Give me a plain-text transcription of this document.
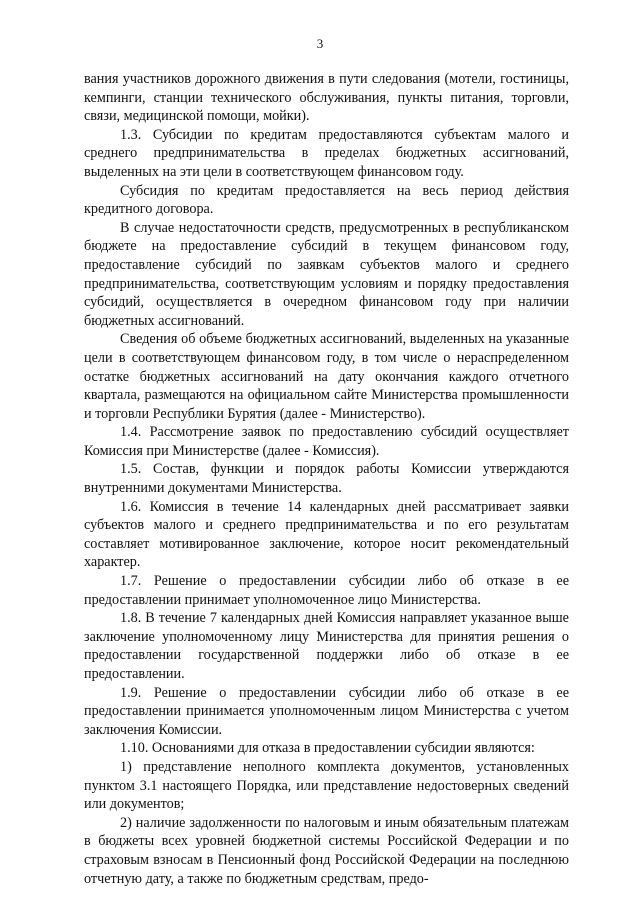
3

вания участников дорожного движения в пути следования (мотели, гостиницы, кемпинги, станции технического обслуживания, пункты питания, торговли, связи, медицинской помощи, мойки).

1.3. Субсидии по кредитам предоставляются субъектам малого и среднего предпринимательства в пределах бюджетных ассигнований, выделенных на эти цели в соответствующем финансовом году.

Субсидия по кредитам предоставляется на весь период действия кредитного договора.

В случае недостаточности средств, предусмотренных в республиканском бюджете на предоставление субсидий в текущем финансовом году, предоставление субсидий по заявкам субъектов малого и среднего предпринимательства, соответствующим условиям и порядку предоставления субсидий, осуществляется в очередном финансовом году при наличии бюджетных ассигнований.

Сведения об объеме бюджетных ассигнований, выделенных на указанные цели в соответствующем финансовом году, в том числе о нераспределенном остатке бюджетных ассигнований на дату окончания каждого отчетного квартала, размещаются на официальном сайте Министерства промышленности и торговли Республики Бурятия (далее - Министерство).

1.4. Рассмотрение заявок по предоставлению субсидий осуществляет Комиссия при Министерстве (далее - Комиссия).

1.5. Состав, функции и порядок работы Комиссии утверждаются внутренними документами Министерства.

1.6. Комиссия в течение 14 календарных дней рассматривает заявки субъектов малого и среднего предпринимательства и по его результатам составляет мотивированное заключение, которое носит рекомендательный характер.

1.7. Решение о предоставлении субсидии либо об отказе в ее предоставлении принимает уполномоченное лицо Министерства.

1.8. В течение 7 календарных дней Комиссия направляет указанное выше заключение уполномоченному лицу Министерства для принятия решения о предоставлении государственной поддержки либо об отказе в ее предоставлении.

1.9. Решение о предоставлении субсидии либо об отказе в ее предоставлении принимается уполномоченным лицом Министерства с учетом заключения Комиссии.

1.10. Основаниями для отказа в предоставлении субсидии являются:

1) представление неполного комплекта документов, установленных пунктом 3.1 настоящего Порядка, или представление недостоверных сведений или документов;

2) наличие задолженности по налоговым и иным обязательным платежам в бюджеты всех уровней бюджетной системы Российской Федерации и по страховым взносам в Пенсионный фонд Российской Федерации на последнюю отчетную дату, а также по бюджетным средствам, предо-
